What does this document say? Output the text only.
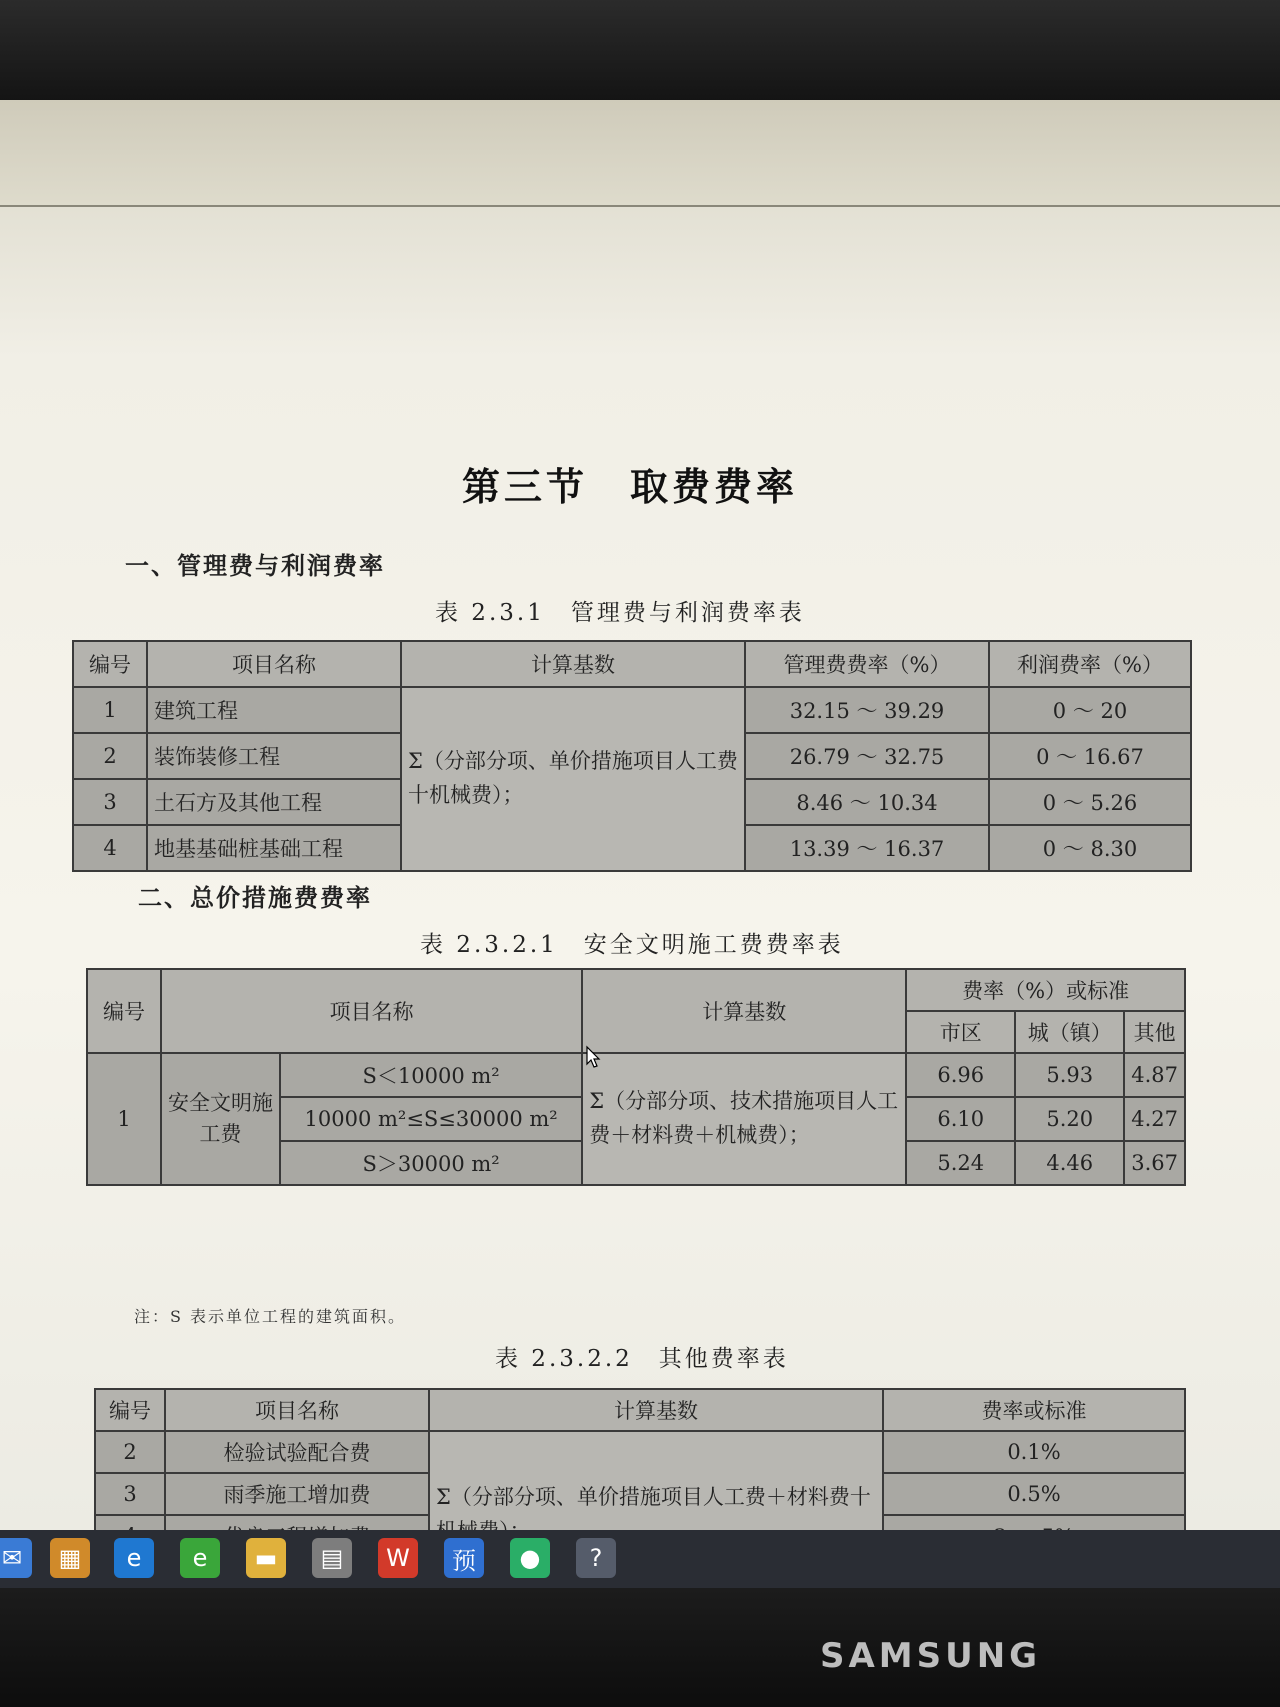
第三节　取费费率
一、管理费与利润费率
表 2.3.1　管理费与利润费率表
编号	项目名称	计算基数	管理费费率（%）	利润费率（%）
1	建筑工程	Σ（分部分项、单价措施项目人工费十机械费）；	32.15 ～ 39.29	0 ～ 20
2	装饰装修工程		26.79 ～ 32.75	0 ～ 16.67
3	土石方及其他工程		8.46 ～ 10.34	0 ～ 5.26
4	地基基础桩基础工程		13.39 ～ 16.37	0 ～ 8.30
二、总价措施费费率
表 2.3.2.1　安全文明施工费费率表
编号	项目名称		计算基数	费率（%）或标准		
				市区	城（镇）	其他
1	安全文明施工费	S＜10000 m²	Σ（分部分项、技术措施项目人工费＋材料费＋机械费）；	6.96	5.93	4.87
		10000 m²≤S≤30000 m²		6.10	5.20	4.27
		S＞30000 m²		5.24	4.46	3.67
注：S 表示单位工程的建筑面积。
表 2.3.2.2　其他费率表
编号	项目名称	计算基数	费率或标准
2	检验试验配合费	Σ（分部分项、单价措施项目人工费＋材料费十	0.1%
3	雨季施工增加费		0.5%

✉ ▦ e e ▬ ▤ W 预 ● ?
SAMSUNG
